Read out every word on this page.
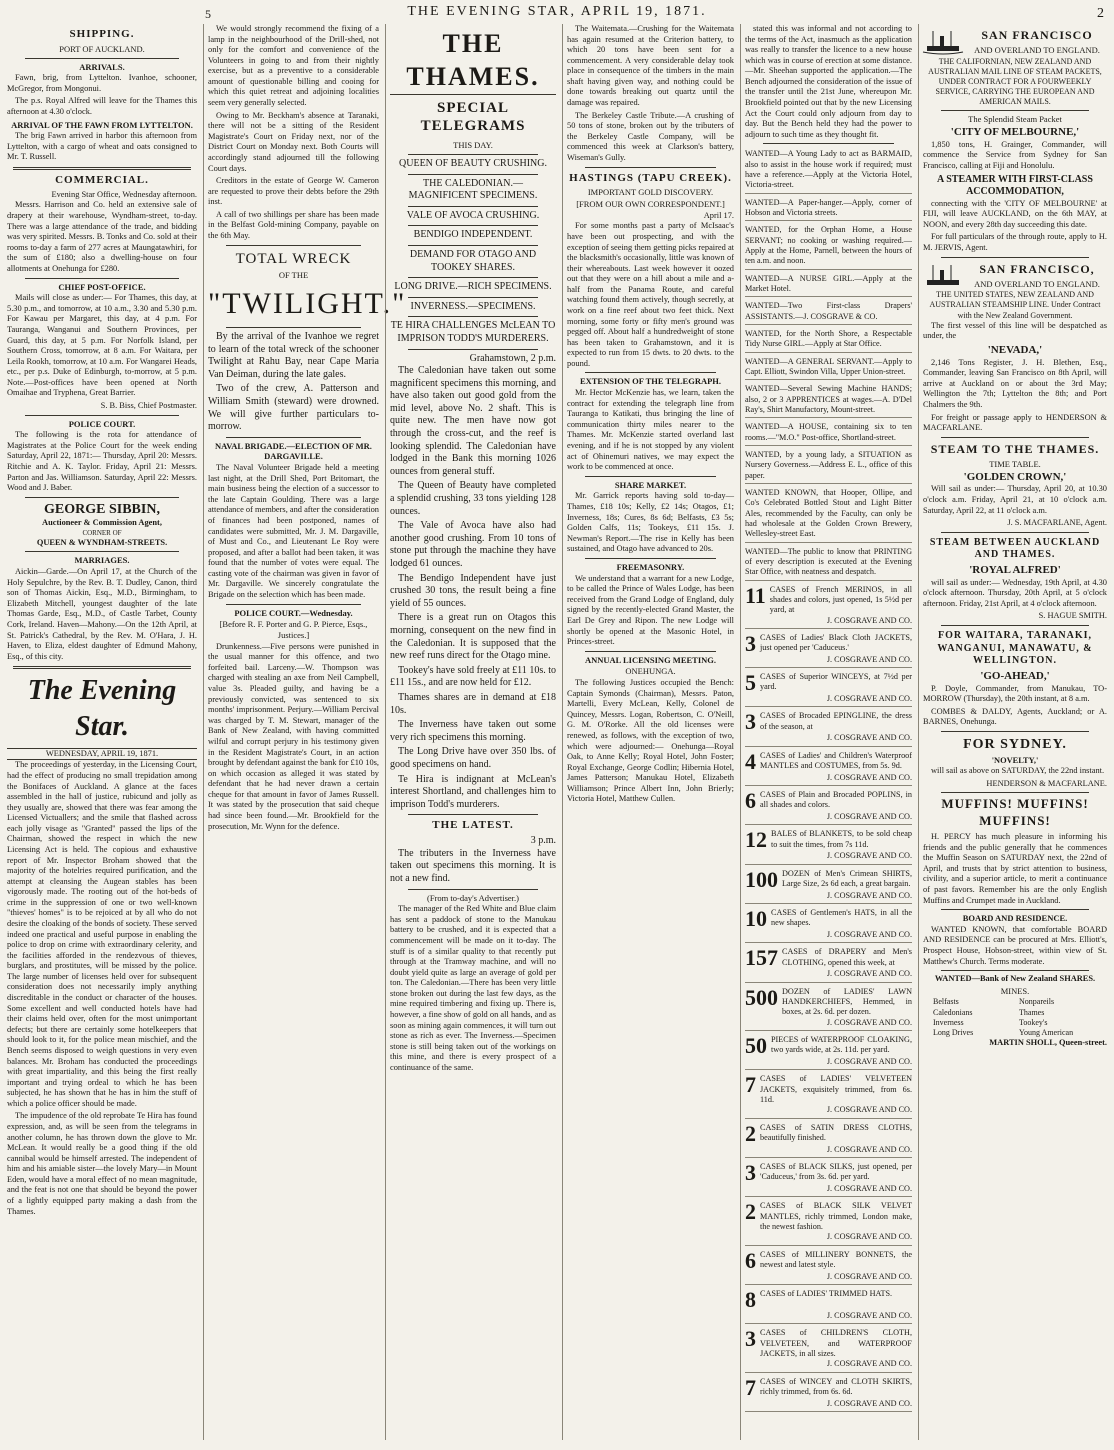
5	THE EVENING STAR, APRIL 19, 1871.	2
SHIPPING.
PORT OF AUCKLAND.
ARRIVALS.

Fawn, brig, from Lyttelton. Ivanhoe, schooner, McGregor, from Mongonui.

The p.s. Royal Alfred will leave for the Thames this afternoon at 4.30 o'clock.

ARRIVAL OF THE FAWN FROM LYTTELTON.

The brig Fawn arrived in harbor this afternoon from Lyttelton, with a cargo of wheat and oats consigned to Mr. T. Russell.

COMMERCIAL.
Evening Star Office, Wednesday afternoon.

Messrs. Harrison and Co. held an extensive sale of drapery at their warehouse, Wyndham-street, to-day. There was a large attendance of the trade, and bidding was very spirited. Messrs. B. Tonks and Co. sold at their rooms to-day a farm of 277 acres at Maungatawhiri, for the sum of £180; also a dwelling-house on four allotments at Onehunga for £280.

CHIEF POST-OFFICE.

Mails will close as under:— For Thames, this day, at 5.30 p.m., and tomorrow, at 10 a.m., 3.30 and 5.30 p.m. For Kawau per Margaret, this day, at 4 p.m. For Tauranga, Wanganui and Southern Provinces, per Guard, this day, at 5 p.m. For Norfolk Island, per Southern Cross, tomorrow, at 8 a.m. For Waitara, per Leila Rookh, tomorrow, at 10 a.m. For Wangarei Heads, etc., per p.s. Duke of Edinburgh, to-morrow, at 5 p.m. Note.—Post-offices have been opened at North Omaihae and Tryphena, Great Barrier.

S. B. Biss, Chief Postmaster.
POLICE COURT.

The following is the rota for attendance of Magistrates at the Police Court for the week ending Saturday, April 22, 1871:— Thursday, April 20: Messrs. Ritchie and A. K. Taylor. Friday, April 21: Messrs. Parton and Jas. Williamson. Saturday, April 22: Messrs. Wood and J. Baber.

GEORGE SIBBIN,
Auctioneer & Commission Agent,
CORNER OF
QUEEN & WYNDHAM-STREETS.
MARRIAGES.

Aickin—Garde.—On April 17, at the Church of the Holy Sepulchre, by the Rev. B. T. Dudley, Canon, third son of Thomas Aickin, Esq., M.D., Birmingham, to Elizabeth Mitchell, youngest daughter of the late Thomas Garde, Esq., M.D., of Castle Tarbet, County Cork, Ireland. Haven—Mahony.—On the 12th April, at St. Patrick's Cathedral, by the Rev. M. O'Hara, J. H. Haven, to Eliza, eldest daughter of Edmund Mahony, Esq., of this city.

The Evening Star.
WEDNESDAY, APRIL 19, 1871.

The proceedings of yesterday, in the Licensing Court, had the effect of producing no small trepidation among the Bonifaces of Auckland. A glance at the faces assembled in the hall of justice, rubicund and jolly as they usually are, showed that there was fear among the Licensed Victuallers; and the smile that flashed across each jolly visage as "Granted" passed the lips of the Chairman, showed the respect in which the new Licensing Act is held. The copious and exhaustive report of Mr. Inspector Broham showed that the majority of the hotelries required purification, and the attempt at cleansing the Augean stables has been vigorously made. The rooting out of the hot-beds of crime in the suppression of one or two well-known "thieves' homes" is to be rejoiced at by all who do not desire the cloaking of the bonds of society. These served indeed one practical and useful purpose in enabling the police to drop on crime with extraordinary celerity, and the facilities afforded in the rendezvous of thieves, burglars, and prostitutes, will be missed by the police. The large number of licenses held over for subsequent consideration does not necessarily imply anything discreditable in the conduct or character of the houses. Some excellent and well conducted hotels have had their claims held over, often for the most unimportant defects; but there are certainly some hotelkeepers that should look to it, for the police mean mischief, and the Bench seems disposed to weigh questions in very even balances. Mr. Broham has conducted the proceedings with great impartiality, and this being the first really important and trying ordeal to which he has been subjected, he has shown that he has in him the stuff of which a police officer should be made.

The impudence of the old reprobate Te Hira has found expression, and, as will be seen from the telegrams in another column, he has thrown down the glove to Mr. McLean. It would really be a good thing if the old cannibal would be himself arrested. The independent of him and his amiable sister—the lovely Mary—in Mount Eden, would have a moral effect of no mean magnitude, and the feat is not one that should be beyond the power of a lightly equipped party making a dash from the Thames.

We would strongly recommend the fixing of a lamp in the neighbourhood of the Drill-shed, not only for the comfort and convenience of the Volunteers in going to and from their nightly exercise, but as a preventive to a considerable amount of questionable billing and cooing for which this quiet retreat and adjoining localities seem very generally selected.

Owing to Mr. Beckham's absence at Taranaki, there will not be a sitting of the Resident Magistrate's Court on Friday next, nor of the District Court on Monday next. Both Courts will accordingly stand adjourned till the following Court days.

Creditors in the estate of George W. Cameron are requested to prove their debts before the 29th inst.

A call of two shillings per share has been made in the Belfast Gold-mining Company, payable on the 6th May.

TOTAL WRECK
OF THE
"TWILIGHT."

By the arrival of the Ivanhoe we regret to learn of the total wreck of the schooner Twilight at Rahu Bay, near Cape Maria Van Deiman, during the late gales.

Two of the crew, A. Patterson and William Smith (steward) were drowned. We will give further particulars to-morrow.

NAVAL BRIGADE.—ELECTION OF MR. DARGAVILLE.

The Naval Volunteer Brigade held a meeting last night, at the Drill Shed, Port Britomart, the main business being the election of a successor to the late Captain Goulding. There was a large attendance of members, and after the consideration of finances had been postponed, names of candidates were submitted, Mr. J. M. Dargaville, of Must and Co., and Lieutenant Le Roy were proposed, and after a ballot had been taken, it was found that the number of votes were equal. The casting vote of the chairman was given in favor of Mr. Dargaville. We sincerely congratulate the Brigade on the selection which has been made.

POLICE COURT.—Wednesday.
[Before R. F. Porter and G. P. Pierce, Esqs., Justices.]

Drunkenness.—Five persons were punished in the usual manner for this offence, and two forfeited bail. Larceny.—W. Thompson was charged with stealing an axe from Neil Campbell, value 3s. Pleaded guilty, and having be a previously convicted, was sentenced to six months' imprisonment. Perjury.—William Percival was charged by T. M. Stewart, manager of the Bank of New Zealand, with having committed wilful and corrupt perjury in his testimony given in the Resident Magistrate's Court, in an action brought by defendant against the bank for £10 10s, on which occasion as alleged it was stated by defendant that he had never drawn a certain cheque for that amount in favor of James Russell. It was stated by the prosecution that said cheque had since been found.—Mr. Brookfield for the prosecution, Mr. Wynn for the defence.

THE THAMES.
SPECIAL TELEGRAMS
THIS DAY.
QUEEN OF BEAUTY CRUSHING.
THE CALEDONIAN.—MAGNIFICENT SPECIMENS.
VALE OF AVOCA CRUSHING.
BENDIGO INDEPENDENT.
DEMAND FOR OTAGO AND TOOKEY SHARES.
LONG DRIVE.—RICH SPECIMENS.
INVERNESS.—SPECIMENS.
TE HIRA CHALLENGES McLEAN TO IMPRISON TODD'S MURDERERS.
Grahamstown, 2 p.m.

The Caledonian have taken out some magnificent specimens this morning, and have also taken out good gold from the mid level, above No. 2 shaft. This is quite new. The men have now got through the cross-cut, and the reef is looking splendid. The Caledonian have lodged in the Bank this morning 1026 ounces from general stuff.

The Queen of Beauty have completed a splendid crushing, 33 tons yielding 128 ounces.

The Vale of Avoca have also had another good crushing. From 10 tons of stone put through the machine they have lodged 61 ounces.

The Bendigo Independent have just crushed 30 tons, the result being a fine yield of 55 ounces.

There is a great run on Otagos this morning, consequent on the new find in the Caledonian. It is supposed that the new reef runs direct for the Otago mine.

Tookey's have sold freely at £11 10s. to £11 15s., and are now held for £12.

Thames shares are in demand at £18 10s.

The Inverness have taken out some very rich specimens this morning.

The Long Drive have over 350 lbs. of good specimens on hand.

Te Hira is indignant at McLean's interest Shortland, and challenges him to imprison Todd's murderers.

THE LATEST.
3 p.m.

The tributers in the Inverness have taken out specimens this morning. It is not a new find.

(From to-day's Advertiser.)

The manager of the Red White and Blue claim has sent a paddock of stone to the Manukau battery to be crushed, and it is expected that a commencement will be made on it to-day. The stuff is of a similar quality to that recently put through at the Tramway machine, and will no doubt yield quite as large an average of gold per ton. The Caledonian.—There has been very little stone broken out during the last few days, as the mine required timbering and fixing up. There is, however, a fine show of gold on all hands, and as soon as mining again commences, it will turn out stone as rich as ever. The Inverness.—Specimen stone is still being taken out of the workings on this mine, and there is every prospect of a continuance of the same.

The Waitemata.—Crushing for the Waitemata has again resumed at the Criterion battery, to which 20 tons have been sent for a commencement. A very considerable delay took place in consequence of the timbers in the main shaft having given way, and nothing could be done towards breaking out quartz until the damage was repaired.

The Berkeley Castle Tribute.—A crushing of 50 tons of stone, broken out by the tributers of the Berkeley Castle Company, will be commenced this week at Clarkson's battery, Wiseman's Gully.

HASTINGS (TAPU CREEK).
IMPORTANT GOLD DISCOVERY.
[FROM OUR OWN CORRESPONDENT.]
April 17.

For some months past a party of McIsaac's have been out prospecting, and with the exception of seeing them getting picks repaired at the blacksmith's occasionally, little was known of their whereabouts. Last week however it oozed out that they were on a hill about a mile and a-half from the Panama Route, and careful watching found them actively, though secretly, at work on a fine reef about two feet thick. Next morning, some forty or fifty men's ground was pegged off. About half a hundredweight of stone has been taken to Grahamstown, and it is expected to run from 15 dwts. to 20 dwts. to the pound.

EXTENSION OF THE TELEGRAPH.

Mr. Hector McKenzie has, we learn, taken the contract for extending the telegraph line from Tauranga to Katikati, thus bringing the line of communication thirty miles nearer to the Thames. Mr. McKenzie started overland last evening, and if he is not stopped by any violent act of Ohinemuri natives, we may expect the work to be commenced at once.

SHARE MARKET.

Mr. Garrick reports having sold to-day—Thames, £18 10s; Kelly, £2 14s; Otagos, £1; Inverness, 18s; Cures, 8s 6d; Belfasts, £3 5s; Golden Calfs, 11s; Tookeys, £11 15s. J. Newman's Report.—The rise in Kelly has been sustained, and Otago have advanced to 20s.

FREEMASONRY.

We understand that a warrant for a new Lodge, to be called the Prince of Wales Lodge, has been received from the Grand Lodge of England, duly signed by the recently-elected Grand Master, the Earl De Grey and Ripon. The new Lodge will shortly be opened at the Masonic Hotel, in Princes-street.

ANNUAL LICENSING MEETING.
ONEHUNGA.

The following Justices occupied the Bench: Captain Symonds (Chairman), Messrs. Paton, Martelli, Every McLean, Kelly, Colonel de Quincey, Messrs. Logan, Robertson, C. O'Neill, G. M. O'Rorke. All the old licenses were renewed, as follows, with the exception of two, which were adjourned:— Onehunga—Royal Oak, to Anne Kelly; Royal Hotel, John Foster; Royal Exchange, George Codlin; Hibernia Hotel, James Patterson; Manukau Hotel, Elizabeth Williamson; Prince Albert Inn, John Brierly; Victoria Hotel, Matthew Cullen.

stated this was informal and not according to the terms of the Act, inasmuch as the application was really to transfer the licence to a new house which was in course of erection at some distance.—Mr. Sheehan supported the application.—The Bench adjourned the consideration of the issue of the transfer until the 21st June, whereupon Mr. Brookfield pointed out that by the new Licensing Act the Court could only adjourn from day to day. But the Bench held they had the power to adjourn to such time as they thought fit.

WANTED—A Young Lady to act as BARMAID, also to assist in the house work if required; must have a reference.—Apply at the Victoria Hotel, Victoria-street.
WANTED—A Paper-hanger.—Apply, corner of Hobson and Victoria streets.
WANTED, for the Orphan Home, a House SERVANT; no cooking or washing required.—Apply at the Home, Parnell, between the hours of ten a.m. and noon.
WANTED—A NURSE GIRL.—Apply at the Market Hotel.
WANTED—Two First-class Drapers' ASSISTANTS.—J. COSGRAVE & CO.
WANTED, for the North Shore, a Respectable Tidy Nurse GIRL.—Apply at Star Office.
WANTED—A GENERAL SERVANT.—Apply to Capt. Elliott, Swindon Villa, Upper Union-street.
WANTED—Several Sewing Machine HANDS; also, 2 or 3 APPRENTICES at wages.—A. D'Del Ray's, Shirt Manufactory, Mount-street.
WANTED—A HOUSE, containing six to ten rooms.—"M.O." Post-office, Shortland-street.
WANTED, by a young lady, a SITUATION as Nursery Governess.—Address E. L., office of this paper.
WANTED KNOWN, that Hooper, Ollipe, and Co's Celebrated Bottled Stout and Light Bitter Ales, recommended by the Faculty, can only be had wholesale at the Golden Crown Brewery, Wellesley-street East.
WANTED—The public to know that PRINTING of every description is executed at the Evening Star Office, with neatness and despatch.
11 CASES of French MERINOS, in all shades and colors, just opened, 1s 5½d per yard, at
J. COSGRAVE AND CO.
3 CASES of Ladies' Black Cloth JACKETS, just opened per 'Caduceus.'
J. COSGRAVE AND CO.
5 CASES of Superior WINCEYS, at 7½d per yard.
J. COSGRAVE AND CO.
3 CASES of Brocaded EPINGLINE, the dress of the season, at
J. COSGRAVE AND CO.
4 CASES of Ladies' and Children's Waterproof MANTLES and COSTUMES, from 5s. 9d.
J. COSGRAVE AND CO.
6 CASES of Plain and Brocaded POPLINS, in all shades and colors.
J. COSGRAVE AND CO.
12 BALES of BLANKETS, to be sold cheap to suit the times, from 7s 11d.
J. COSGRAVE AND CO.
100 DOZEN of Men's Crimean SHIRTS, Large Size, 2s 6d each, a great bargain.
J. COSGRAVE AND CO.
10 CASES of Gentlemen's HATS, in all the new shapes.
J. COSGRAVE AND CO.
157 CASES of DRAPERY and Men's CLOTHING, opened this week, at
J. COSGRAVE AND CO.
500 DOZEN of LADIES' LAWN HANDKERCHIEFS, Hemmed, in boxes, at 2s. 6d. per dozen.
J. COSGRAVE AND CO.
50 PIECES of WATERPROOF CLOAKING, two yards wide, at 2s. 11d. per yard.
J. COSGRAVE AND CO.
7 CASES of LADIES' VELVETEEN JACKETS, exquisitely trimmed, from 6s. 11d.
J. COSGRAVE AND CO.
2 CASES of SATIN DRESS CLOTHS, beautifully finished.
J. COSGRAVE AND CO.
3 CASES of BLACK SILKS, just opened, per 'Caduceus,' from 3s. 6d. per yard.
J. COSGRAVE AND CO.
2 CASES of BLACK SILK VELVET MANTLES, richly trimmed, London make, the newest fashion.
J. COSGRAVE AND CO.
6 CASES of MILLINERY BONNETS, the newest and latest style.
J. COSGRAVE AND CO.
8 CASES of LADIES' TRIMMED HATS.
J. COSGRAVE AND CO.
3 CASES of CHILDREN'S CLOTH, VELVETEEN, and WATERPROOF JACKETS, in all sizes.
J. COSGRAVE AND CO.
7 CASES of WINCEY and CLOTH SKIRTS, richly trimmed, from 6s. 6d.
J. COSGRAVE AND CO.
SAN FRANCISCO
AND OVERLAND TO ENGLAND.
THE CALIFORNIAN, NEW ZEALAND AND AUSTRALIAN MAIL LINE OF STEAM PACKETS, UNDER CONTRACT FOR A FOURWEEKLY SERVICE, CARRYING THE EUROPEAN AND AMERICAN MAILS.
The Splendid Steam Packet
'CITY OF MELBOURNE,'

1,850 tons, H. Grainger, Commander, will commence the Service from Sydney for San Francisco, calling at Fiji and Honolulu.

A STEAMER WITH FIRST-CLASS ACCOMMODATION,

connecting with the 'CITY OF MELBOURNE' at FIJI, will leave AUCKLAND, on the 6th MAY, at NOON, and every 28th day succeeding this date.

For full particulars of the through route, apply to H. M. JERVIS, Agent.

SAN FRANCISCO,
AND OVERLAND TO ENGLAND.
THE UNITED STATES, NEW ZEALAND AND AUSTRALIAN STEAMSHIP LINE. Under Contract with the New Zealand Government.

The first vessel of this line will be despatched as under, the

'NEVADA,'

2,146 Tons Register, J. H. Blethen, Esq., Commander, leaving San Francisco on 8th April, will arrive at Auckland on or about the 3rd May; Wellington the 7th; Lyttelton the 8th; and Port Chalmers the 9th.

For freight or passage apply to HENDERSON & MACFARLANE.

STEAM TO THE THAMES.
TIME TABLE.
'GOLDEN CROWN,'

Will sail as under:— Thursday, April 20, at 10.30 o'clock a.m. Friday, April 21, at 10 o'clock a.m. Saturday, April 22, at 11 o'clock a.m.

J. S. MACFARLANE, Agent.
STEAM BETWEEN AUCKLAND AND THAMES.
'ROYAL ALFRED'

will sail as under:— Wednesday, 19th April, at 4.30 o'clock afternoon. Thursday, 20th April, at 5 o'clock afternoon. Friday, 21st April, at 4 o'clock afternoon.

S. HAGUE SMITH.
FOR WAITARA, TARANAKI, WANGANUI, MANAWATU, & WELLINGTON.
'GO-AHEAD,'

P. Doyle, Commander, from Manukau, TO-MORROW (Thursday), the 20th instant, at 8 a.m.

COMBES & DALDY, Agents, Auckland; or A. BARNES, Onehunga.

FOR SYDNEY.
'NOVELTY,'

will sail as above on SATURDAY, the 22nd instant.

HENDERSON & MACFARLANE.
MUFFINS! MUFFINS! MUFFINS!

H. PERCY has much pleasure in informing his friends and the public generally that he commences the Muffin Season on SATURDAY next, the 22nd of April, and trusts that by strict attention to business, civility, and a superior article, to merit a continuance of past favors. Remember his are the only English Muffins and Crumpet made in Auckland.

BOARD AND RESIDENCE.

WANTED KNOWN, that comfortable BOARD AND RESIDENCE can be procured at Mrs. Elliott's, Prospect House, Hobson-street, within view of St. Matthew's Church. Terms moderate.

WANTED—Bank of New Zealand SHARES.
MINES.
Belfasts
Caledonians
Inverness
Long Drives
Nonpareils
Thames
Tookey's
Young American
MARTIN SHOLL, Queen-street.
